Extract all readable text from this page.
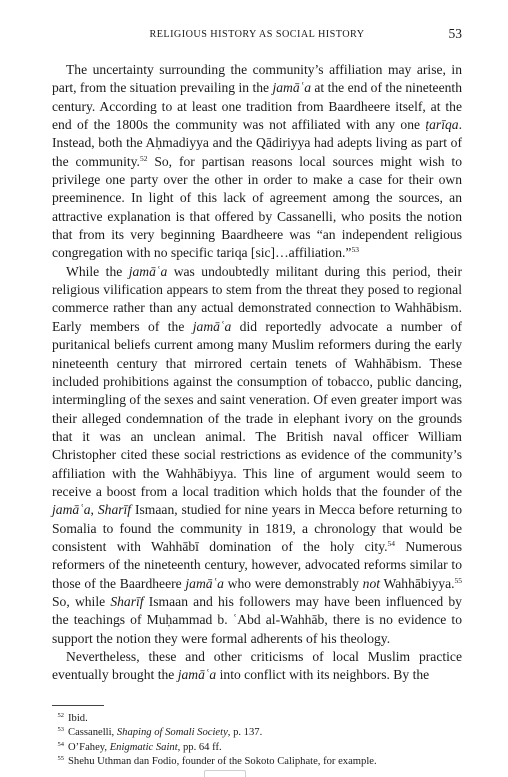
RELIGIOUS HISTORY AS SOCIAL HISTORY	53

The uncertainty surrounding the community’s affiliation may arise, in part, from the situation prevailing in the jamāʿa at the end of the nineteenth century. According to at least one tradition from Baardheere itself, at the end of the 1800s the community was not affiliated with any one ṭarīqa. Instead, both the Aḥmadiyya and the Qādiriyya had adepts living as part of the community.$^{52}$ So, for partisan reasons local sources might wish to privilege one party over the other in order to make a case for their own preeminence. In light of this lack of agreement among the sources, an attractive explanation is that offered by Cassanelli, who posits the notion that from its very beginning Baardheere was “an independent religious congregation with no specific tariqa [sic]…affiliation.”$^{53}$

While the jamāʿa was undoubtedly militant during this period, their religious vilification appears to stem from the threat they posed to regional commerce rather than any actual demonstrated connection to Wahhābism. Early members of the jamāʿa did reportedly advocate a number of puritanical beliefs current among many Muslim reformers during the early nineteenth century that mirrored certain tenets of Wahhābism. These included prohibitions against the consumption of tobacco, public dancing, intermingling of the sexes and saint veneration. Of even greater import was their alleged condemnation of the trade in elephant ivory on the grounds that it was an unclean animal. The British naval officer William Christopher cited these social restrictions as evidence of the community’s affiliation with the Wahhābiyya. This line of argument would seem to receive a boost from a local tradition which holds that the founder of the jamāʿa, Sharīf Ismaan, studied for nine years in Mecca before returning to Somalia to found the community in 1819, a chronology that would be consistent with Wahhābī domination of the holy city.$^{54}$ Numerous reformers of the nineteenth century, however, advocated reforms similar to those of the Baardheere jamāʿa who were demonstrably not Wahhābiyya.$^{55}$ So, while Sharīf Ismaan and his followers may have been influenced by the teachings of Muḥammad b. ʿAbd al-Wahhāb, there is no evidence to support the notion they were formal adherents of his theology.

Nevertheless, these and other criticisms of local Muslim practice eventually brought the jamāʿa into conflict with its neighbors. By the

52 Ibid.

53 Cassanelli, Shaping of Somali Society, p. 137.

54 O’Fahey, Enigmatic Saint, pp. 64 ff.

55 Shehu Uthman dan Fodio, founder of the Sokoto Caliphate, for example.
